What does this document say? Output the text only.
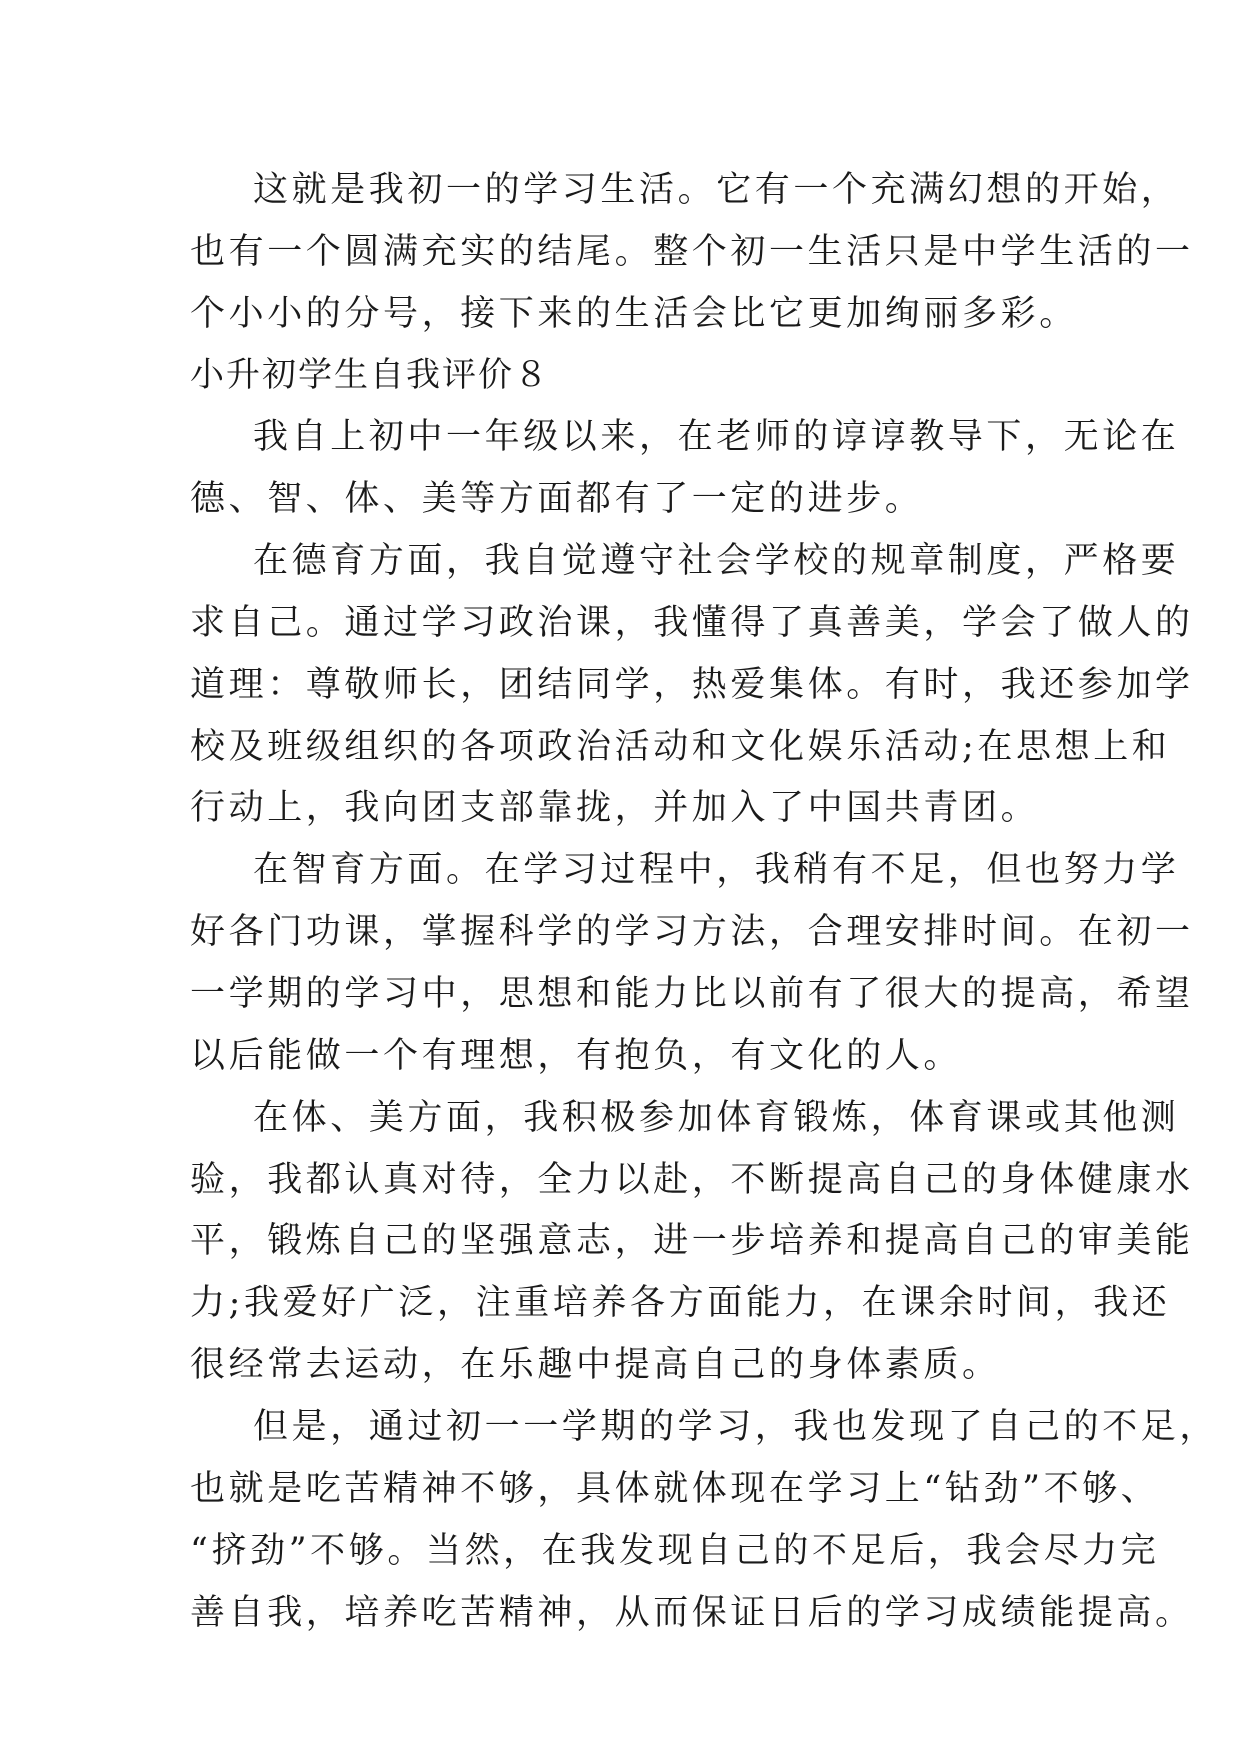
这就是我初一的学习生活。它有一个充满幻想的开始，
也有一个圆满充实的结尾。整个初一生活只是中学生活的一
个小小的分号，接下来的生活会比它更加绚丽多彩。
小升初学生自我评价８
我自上初中一年级以来，在老师的谆谆教导下，无论在
德、智、体、美等方面都有了一定的进步。
在德育方面，我自觉遵守社会学校的规章制度，严格要
求自己。通过学习政治课，我懂得了真善美，学会了做人的
道理：尊敬师长，团结同学，热爱集体。有时，我还参加学
校及班级组织的各项政治活动和文化娱乐活动;在思想上和
行动上，我向团支部靠拢，并加入了中国共青团。
在智育方面。在学习过程中，我稍有不足，但也努力学
好各门功课，掌握科学的学习方法，合理安排时间。在初一
一学期的学习中，思想和能力比以前有了很大的提高，希望
以后能做一个有理想，有抱负，有文化的人。
在体、美方面，我积极参加体育锻炼，体育课或其他测
验，我都认真对待，全力以赴，不断提高自己的身体健康水
平，锻炼自己的坚强意志，进一步培养和提高自己的审美能
力;我爱好广泛，注重培养各方面能力，在课余时间，我还
很经常去运动，在乐趣中提高自己的身体素质。
但是，通过初一一学期的学习，我也发现了自己的不足，
也就是吃苦精神不够，具体就体现在学习上“钻劲”不够、
“挤劲”不够。当然，在我发现自己的不足后，我会尽力完
善自我，培养吃苦精神，从而保证日后的学习成绩能提高。
